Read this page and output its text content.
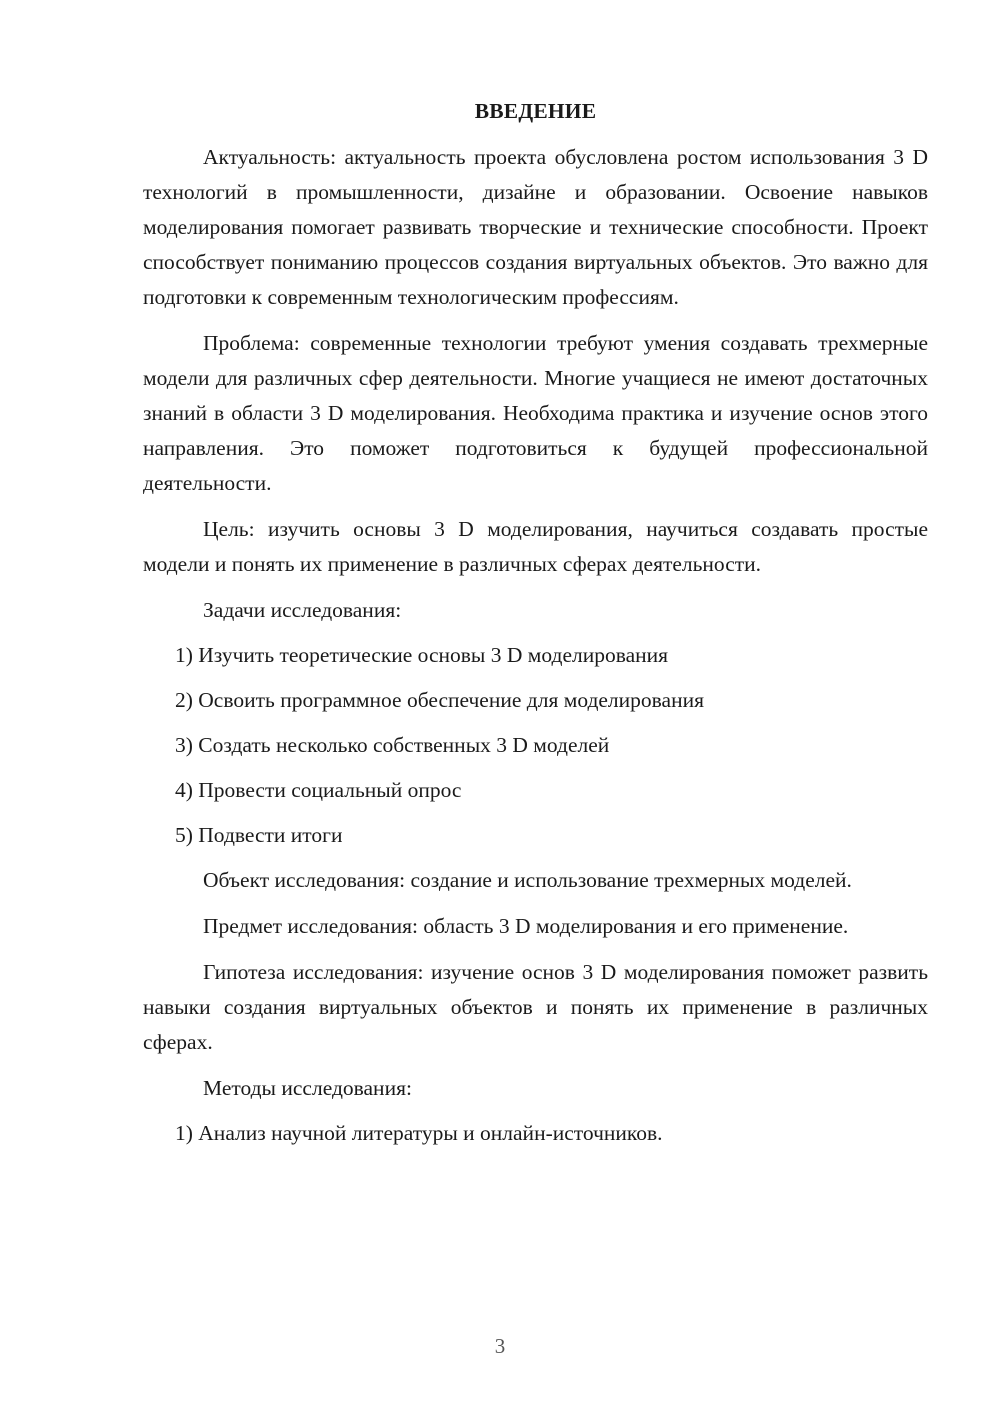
ВВЕДЕНИЕ

Актуальность: актуальность проекта обусловлена ростом использования 3 D технологий в промышленности, дизайне и образовании. Освоение навыков моделирования помогает развивать творческие и технические способности. Проект способствует пониманию процессов создания виртуальных объектов. Это важно для подготовки к современным технологическим профессиям.

Проблема: современные технологии требуют умения создавать трехмерные модели для различных сфер деятельности. Многие учащиеся не имеют достаточных знаний в области 3 D моделирования. Необходима практика и изучение основ этого направления. Это поможет подготовиться к будущей профессиональной деятельности.

Цель: изучить основы 3 D моделирования, научиться создавать простые модели и понять их применение в различных сферах деятельности.

Задачи исследования:

1) Изучить теоретические основы 3 D моделирования
2) Освоить программное обеспечение для моделирования
3) Создать несколько собственных 3 D моделей
4) Провести социальный опрос
5) Подвести итоги

Объект исследования: создание и использование трехмерных моделей.

Предмет исследования: область 3 D моделирования и его применение.

Гипотеза исследования: изучение основ 3 D моделирования поможет развить навыки создания виртуальных объектов и понять их применение в различных сферах.

Методы исследования:

1) Анализ научной литературы и онлайн-источников.
3
